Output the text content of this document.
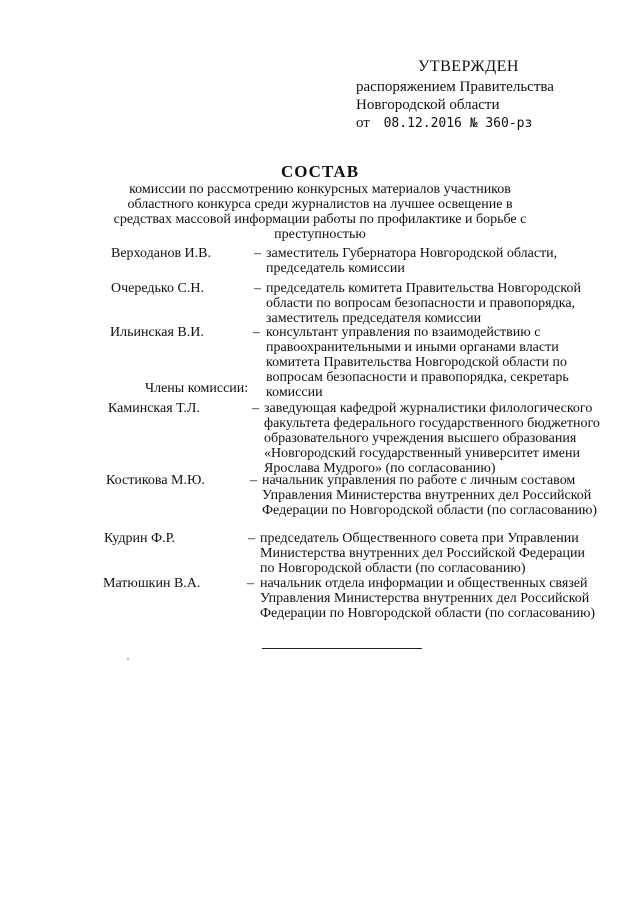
УТВЕРЖДЕН
распоряжением Правительства
Новгородской области
от 08.12.2016 № 360-рз
СОСТАВ
комиссии по рассмотрению конкурсных материалов участников областного конкурса среди журналистов на лучшее освещение в средствах массовой информации работы по профилактике и борьбе с преступностью
Верходанов И.В.	– заместитель Губернатора Новгородской области, председатель комиссии
Очередько С.Н.	– председатель комитета Правительства Новгородской области по вопросам безопасности и правопорядка, заместитель председателя комиссии
Ильинская В.И.	– консультант управления по взаимодействию с правоохранительными и иными органами власти комитета Правительства Новгородской области по вопросам безопасности и правопорядка, секретарь комиссии
Члены комиссии:
Каминская Т.Л.	– заведующая кафедрой журналистики филологического факультета федерального государственного бюджетного образовательного учреждения высшего образования «Новгородский государственный университет имени Ярослава Мудрого» (по согласованию)
Костикова М.Ю.	– начальник управления по работе с личным составом Управления Министерства внутренних дел Российской Федерации по Новгородской области (по согласованию)
Кудрин Ф.Р.	– председатель Общественного совета при Управлении Министерства внутренних дел Российской Федерации по Новгородской области (по согласованию)
Матюшкин В.А.	– начальник отдела информации и общественных связей Управления Министерства внутренних дел Российской Федерации по Новгородской области (по согласованию)
